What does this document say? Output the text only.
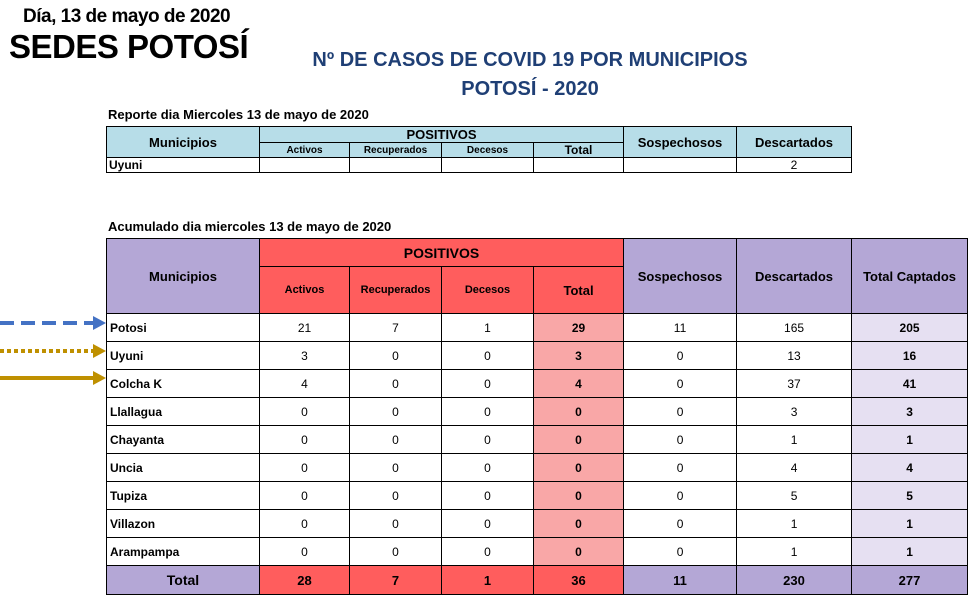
Día, 13 de mayo de 2020
SEDES POTOSÍ	Nº DE CASOS DE COVID 19 POR MUNICIPIOS
POTOSÍ - 2020
Reporte dia Miercoles 13 de mayo de 2020
Municipios	POSITIVOS				Sospechosos	Descartados
	Activos	Recuperados	Decesos	Total		
Uyuni						2
Acumulado dia miercoles 13 de mayo de 2020
Municipios	POSITIVOS				Sospechosos	Descartados	Total Captados
	Activos	Recuperados	Decesos	Total			
Potosi	21	7	1	29	11	165	205
Uyuni	3	0	0	3	0	13	16
Colcha K	4	0	0	4	0	37	41
Llallagua	0	0	0	0	0	3	3
Chayanta	0	0	0	0	0	1	1
Uncia	0	0	0	0	0	4	4
Tupiza	0	0	0	0	0	5	5
Villazon	0	0	0	0	0	1	1
Arampampa	0	0	0	0	0	1	1
Total	28	7	1	36	11	230	277
